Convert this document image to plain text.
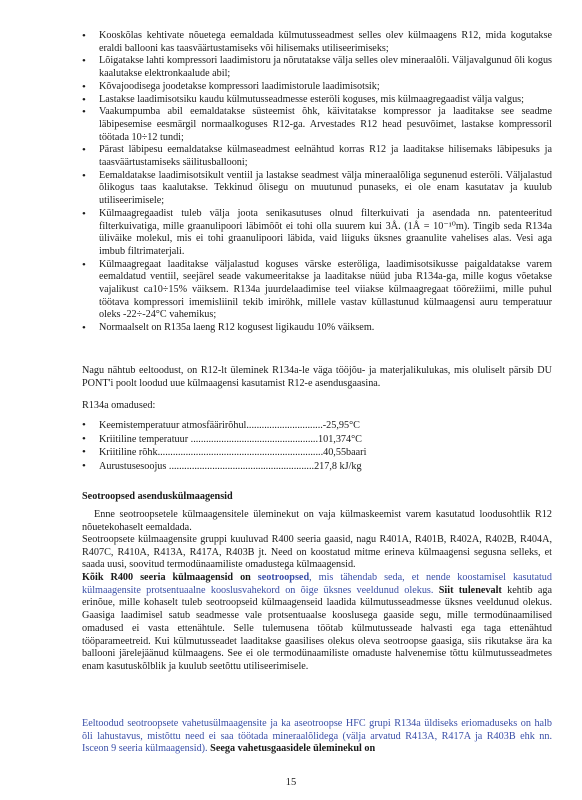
• Kooskõlas kehtivate nõuetega eemaldada külmutusseadmest selles olev külmaagens R12, mida kogutakse eraldi ballooni kas taasväärtustamiseks või hilisemaks utiliseerimiseks;
• Lõigatakse lahti kompressori laadimistoru ja nõrutatakse välja selles olev mineraalõli. Väljavalgunud õli kogus kaalutakse elektronkaalude abil;
• Kõvajoodisega joodetakse kompressori laadimistorule laadimisotsik;
• Lastakse laadimisotsiku kaudu külmutusseadmesse esteröli koguses, mis külmaagregaadist välja valgus;
• Vaakumpumba abil eemaldatakse süsteemist õhk, käivitatakse kompressor ja laaditakse see seadme läbipesemise eesmärgil normaalkoguses R12-ga. Arvestades R12 head pesuvõimet, lastakse kompressoril töötada 10÷12 tundi;
• Pärast läbipesu eemaldatakse külmaseadmest eelnähtud korras R12 ja laaditakse hilisemaks läbipesuks ja taasväärtustamiseks säilitusballooni;
• Eemaldatakse laadimisotsikult ventiil ja lastakse seadmest välja mineraalõliga segunenud esteröli. Väljalastud õlikogus taas kaalutakse. Tekkinud õlisegu on muutunud punaseks, ei ole enam kasutatav ja kuulub utiliseerimisele;
• Külmaagregaadist tuleb välja joota senikasutuses olnud filterkuivati ja asendada nn. patenteeritud filterkuivatiga, mille graanulipoori läbimõõt ei tohi olla suurem kui 3Å. (1Å = 10⁻¹⁰m). Tingib seda R134a üliväike molekul, mis ei tohi graanulipoori läbida, vaid liiguks üksnes graanulite vahelises alas. Vesi aga imbub filtrimaterjali.
• Külmaagregaat laaditakse väljalastud koguses värske esteröliga, laadimisotsikusse paigaldatakse varem eemaldatud ventiil, seejärel seade vakumeeritakse ja laaditakse nüüd juba R134a-ga, mille kogus võetakse vajalikust ca10÷15% väiksem. R134a juurdelaadimise teel viiakse külmaagregaat töörežiimi, mille puhul töötava kompressori imemisliinil tekib imiröhk, millele vastav küllastunud külmaagensi auru temperatuur oleks -22÷-24°C vahemikus;
• Normaalselt on R135a laeng R12 kogusest ligikaudu 10% väiksem.

Nagu nähtub eeltoodust, on R12-lt üleminek R134a-le väga tööjõu- ja materjalikulukas, mis oluliselt pärsib DU PONT'i poolt loodud uue külmaagensi kasutamist R12-e asendusgaasina.

R134a omadused:

• Keemistemperatuur atmosfäärirõhul..............................-25,95°C
• Kriitiline temperatuur ..................................................101,374°C
• Kriitiline rõhk.................................................................40,55baari
• Aurustusesoojus .........................................................217,8 kJ/kg

Seotroopsed asenduskülmaagensid

Enne seotroopsetele külmaagensitele üleminekut on vaja külmaskeemist varem kasutatud loodusohtlik R12 nõuetekohaselt eemaldada.

Seotroopsete külmaagensite gruppi kuuluvad R400 seeria gaasid, nagu R401A, R401B, R402A, R402B, R404A, R407C, R410A, R413A, R417A, R403B jt. Need on koostatud mitme erineva külmaagensi segusna selleks, et saada uusi, soovitud termodünaamiliste omadustega külmaagensid.

Kõik R400 seeria külmaagensid on seotroopsed, mis tähendab seda, et nende koostamisel kasutatud külmaagensite protsentuaalne kooslusvahekord on õige üksnes veeldunud olekus. Siit tulenevalt kehtib aga erinõue, mille kohaselt tuleb seotroopseid külmaagenseid laadida külmutusseadmesse üksnes veeldunud olekus. Gaasiga laadimisel satub seadmesse vale protsentuaalse kooslusega gaaside segu, mille termodünaamilised omadused ei vasta ettenähtule. Selle tulemusena töötab külmutusseade halvasti ega taga ettenähtud tööparameetreid. Kui külmutusseadet laaditakse gaasilises olekus oleva seotroopse gaasiga, siis rikutakse ära ka ballooni järelejäänud külmaagens. See ei ole termodünaamiliste omaduste halvenemise tõttu külmutusseadmetes enam kasutuskõlblik ja kuulub seetõttu utiliseerimisele.

Eeltoodud seotroopsete vahetusülmaagensite ja ka aseotroopse HFC grupi R134a üldiseks eriomaduseks on halb õli lahustavus, mistõttu need ei saa töötada mineraalõlidega (välja arvatud R413A, R417A ja R403B ehk nn. Isceon 9 seeria külmaagensid). Seega vahetusgaasidele üleminekul on

15
